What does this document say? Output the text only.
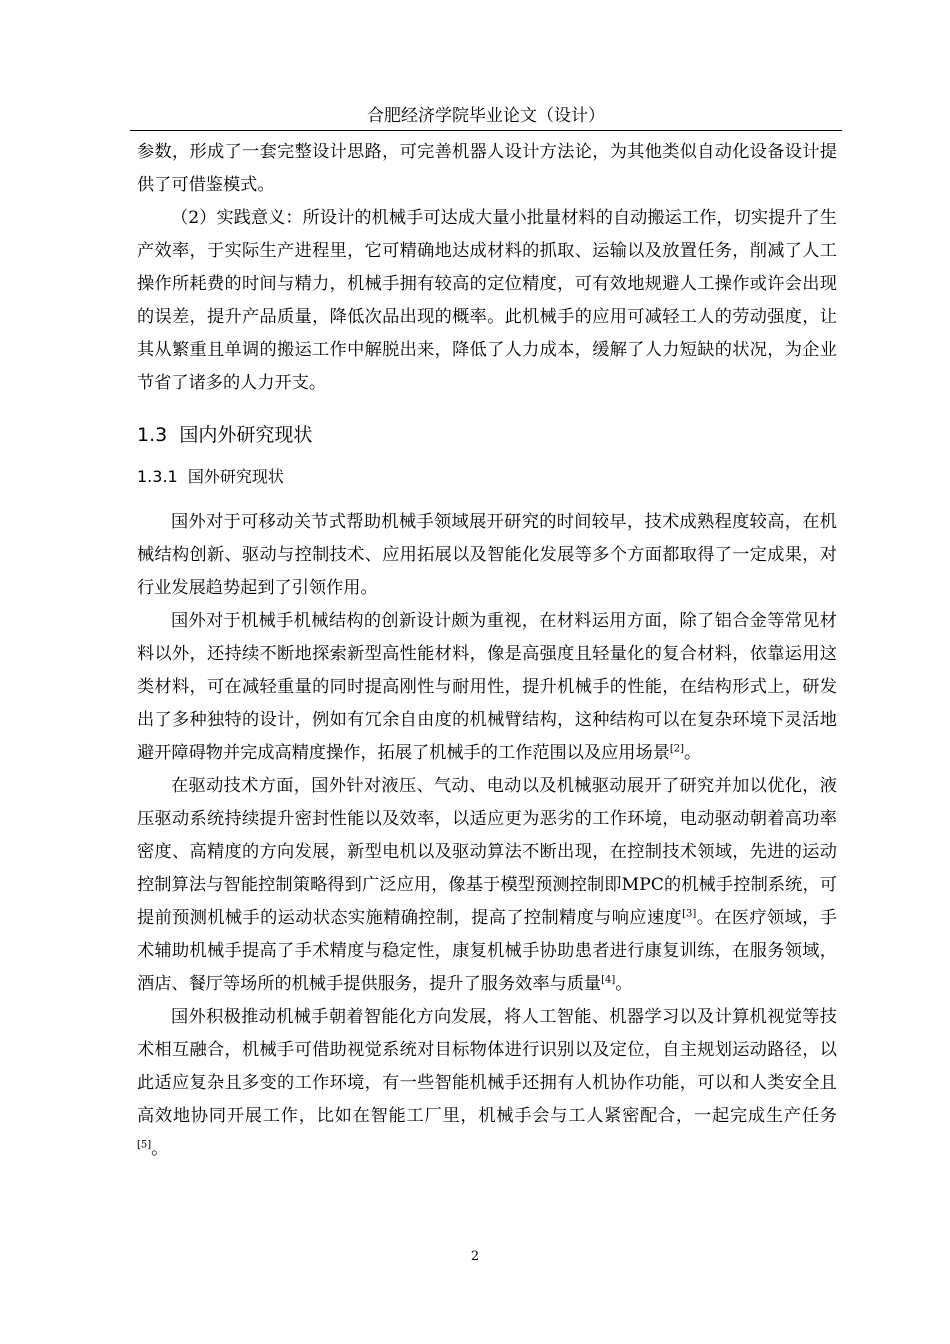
合肥经济学院毕业论文（设计）

参数，形成了一套完整设计思路，可完善机器人设计方法论，为其他类似自动化设备设计提供了可借鉴模式。

（2）实践意义：所设计的机械手可达成大量小批量材料的自动搬运工作，切实提升了生产效率，于实际生产进程里，它可精确地达成材料的抓取、运输以及放置任务，削减了人工操作所耗费的时间与精力，机械手拥有较高的定位精度，可有效地规避人工操作或许会出现的误差，提升产品质量，降低次品出现的概率。此机械手的应用可减轻工人的劳动强度，让其从繁重且单调的搬运工作中解脱出来，降低了人力成本，缓解了人力短缺的状况，为企业节省了诸多的人力开支。

1.3 国内外研究现状
1.3.1 国外研究现状

国外对于可移动关节式帮助机械手领域展开研究的时间较早，技术成熟程度较高，在机械结构创新、驱动与控制技术、应用拓展以及智能化发展等多个方面都取得了一定成果，对行业发展趋势起到了引领作用。

国外对于机械手机械结构的创新设计颇为重视，在材料运用方面，除了铝合金等常见材料以外，还持续不断地探索新型高性能材料，像是高强度且轻量化的复合材料，依靠运用这类材料，可在减轻重量的同时提高刚性与耐用性，提升机械手的性能，在结构形式上，研发出了多种独特的设计，例如有冗余自由度的机械臂结构，这种结构可以在复杂环境下灵活地避开障碍物并完成高精度操作，拓展了机械手的工作范围以及应用场景[2]。

在驱动技术方面，国外针对液压、气动、电动以及机械驱动展开了研究并加以优化，液压驱动系统持续提升密封性能以及效率，以适应更为恶劣的工作环境，电动驱动朝着高功率密度、高精度的方向发展，新型电机以及驱动算法不断出现，在控制技术领域，先进的运动控制算法与智能控制策略得到广泛应用，像基于模型预测控制即MPC的机械手控制系统，可提前预测机械手的运动状态实施精确控制，提高了控制精度与响应速度[3]。在医疗领域，手术辅助机械手提高了手术精度与稳定性，康复机械手协助患者进行康复训练，在服务领域，酒店、餐厅等场所的机械手提供服务，提升了服务效率与质量[4]。

国外积极推动机械手朝着智能化方向发展，将人工智能、机器学习以及计算机视觉等技术相互融合，机械手可借助视觉系统对目标物体进行识别以及定位，自主规划运动路径，以此适应复杂且多变的工作环境，有一些智能机械手还拥有人机协作功能，可以和人类安全且高效地协同开展工作，比如在智能工厂里，机械手会与工人紧密配合，一起完成生产任务[5]。

2
